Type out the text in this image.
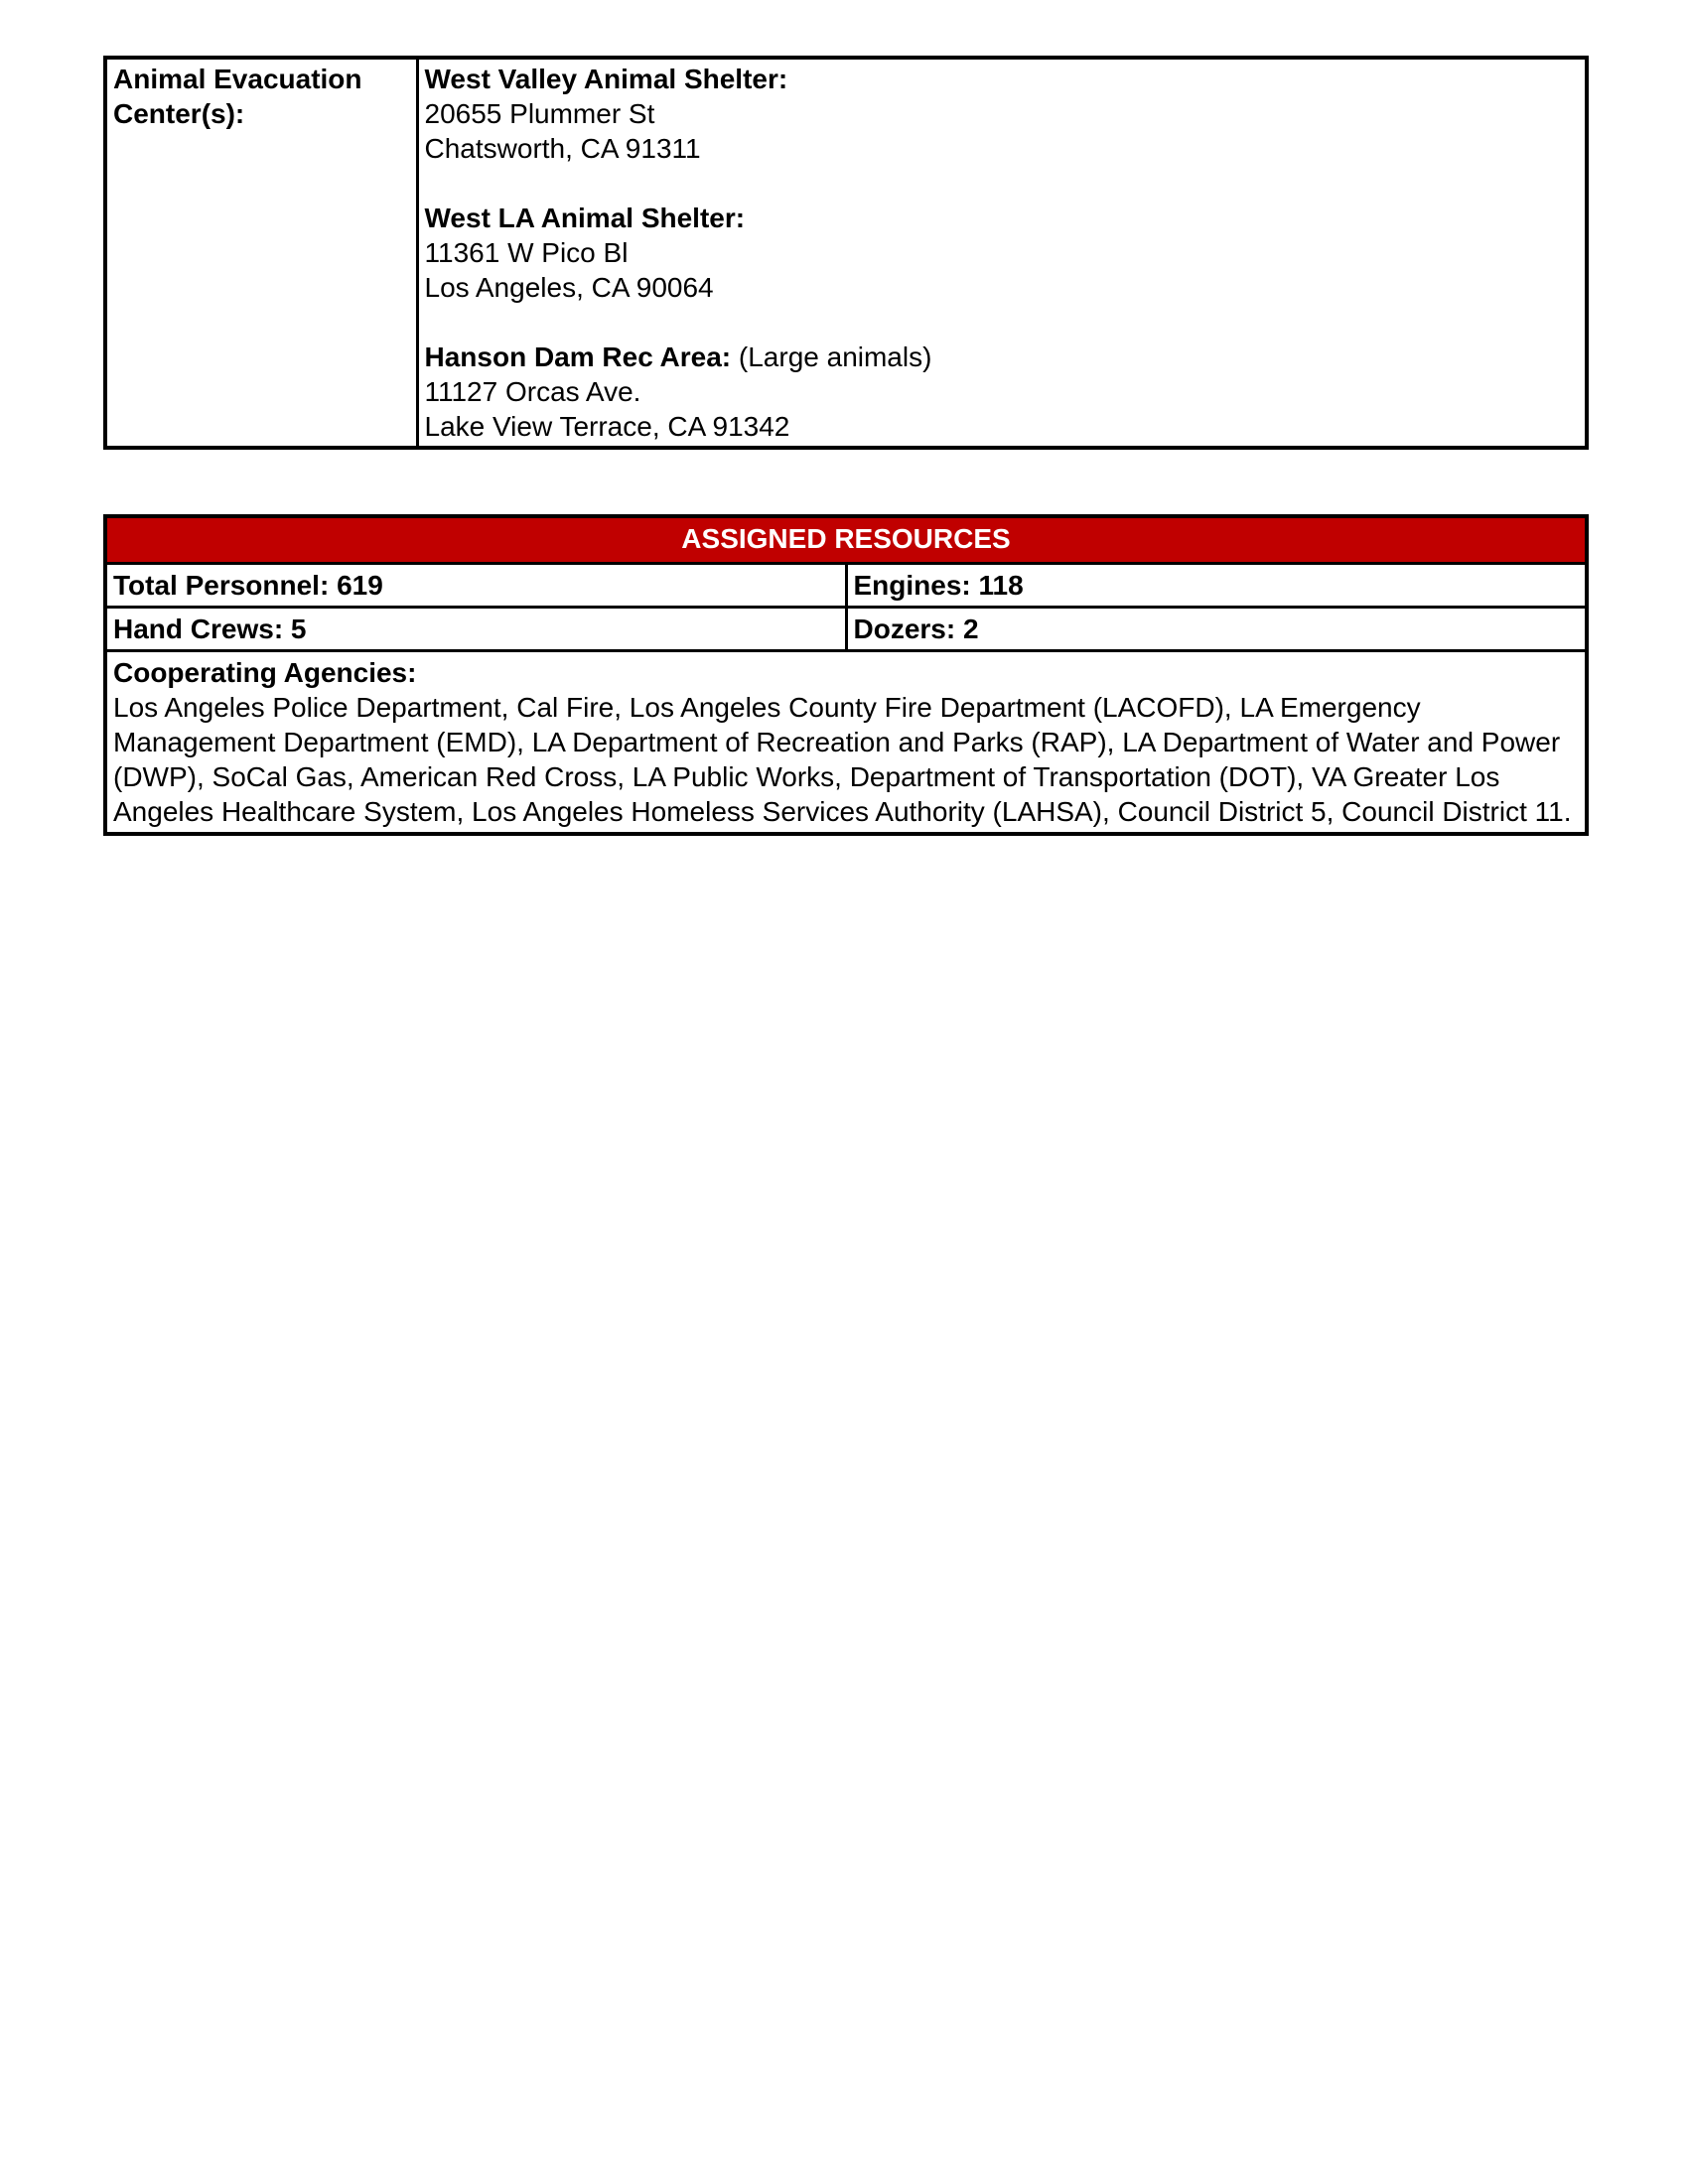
Animal Evacuation Center(s):	
West Valley Animal Shelter:
20655 Plummer St
Chatsworth, CA 91311
West LA Animal Shelter:
11361 W Pico Bl
Los Angeles, CA 90064
Hanson Dam Rec Area: (Large animals)
11127 Orcas Ave.
Lake View Terrace, CA 91342
ASSIGNED RESOURCES	
Total Personnel: 619	Engines: 118
Hand Crews: 5	Dozers: 2

Cooperating Agencies:
Los Angeles Police Department, Cal Fire, Los Angeles County Fire Department (LACOFD), LA Emergency Management Department (EMD), LA Department of Recreation and Parks (RAP), LA Department of Water and Power (DWP), SoCal Gas, American Red Cross, LA Public Works, Department of Transportation (DOT), VA Greater Los Angeles Healthcare System, Los Angeles Homeless Services Authority (LAHSA), Council District 5, Council District 11.	
